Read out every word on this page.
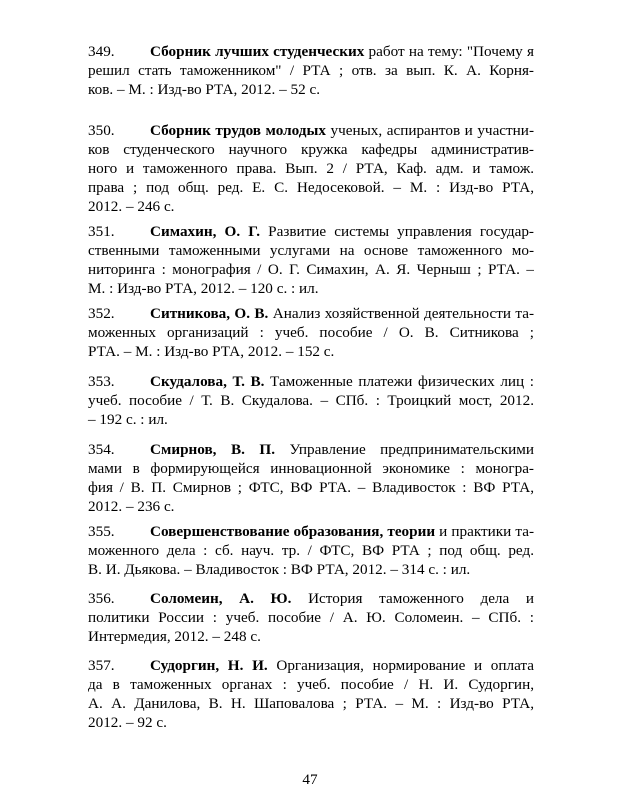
349.	Сборник лучших студенческих работ на тему: "Почему я
решил стать таможенником" / РТА ; отв. за вып. К. А. Корня-
ков. – М. : Изд-во РТА, 2012. – 52 с.
350.	Сборник трудов молодых ученых, аспирантов и участни-
ков студенческого научного кружка кафедры административ-
ного и таможенного права. Вып. 2 / РТА, Каф. адм. и тамож.
права ; под общ. ред. Е. С. Недосековой. – М. : Изд-во РТА,
2012. – 246 с.
351.	Симахин, О. Г. Развитие системы управления государ-
ственными таможенными услугами на основе таможенного мо-
ниторинга : монография / О. Г. Симахин, А. Я. Черныш ; РТА. –
М. : Изд-во РТА, 2012. – 120 с. : ил.
352.	Ситникова, О. В. Анализ хозяйственной деятельности та-
моженных организаций : учеб. пособие / О. В. Ситникова ;
РТА. – М. : Изд-во РТА, 2012. – 152 с.
353.	Скудалова, Т. В. Таможенные платежи физических лиц :
учеб. пособие / Т. В. Скудалова. – СПб. : Троицкий мост, 2012.
– 192 с. : ил.
354.	Смирнов, В. П. Управление предпринимательскими
мами в формирующейся инновационной экономике : моногра-
фия / В. П. Смирнов ; ФТС, ВФ РТА. – Владивосток : ВФ РТА,
2012. – 236 с.
355.	Совершенствование образования, теории и практики та-
моженного дела : сб. науч. тр. / ФТС, ВФ РТА ; под общ. ред.
В. И. Дьякова. – Владивосток : ВФ РТА, 2012. – 314 с. : ил.
356.	Соломеин, А. Ю. История таможенного дела и
политики России : учеб. пособие / А. Ю. Соломеин. – СПб. :
Интермедия, 2012. – 248 с.
357.	Судоргин, Н. И. Организация, нормирование и оплата
да в таможенных органах : учеб. пособие / Н. И. Судоргин,
А. А. Данилова, В. Н. Шаповалова ; РТА. – М. : Изд-во РТА,
2012. – 92 с.
47
